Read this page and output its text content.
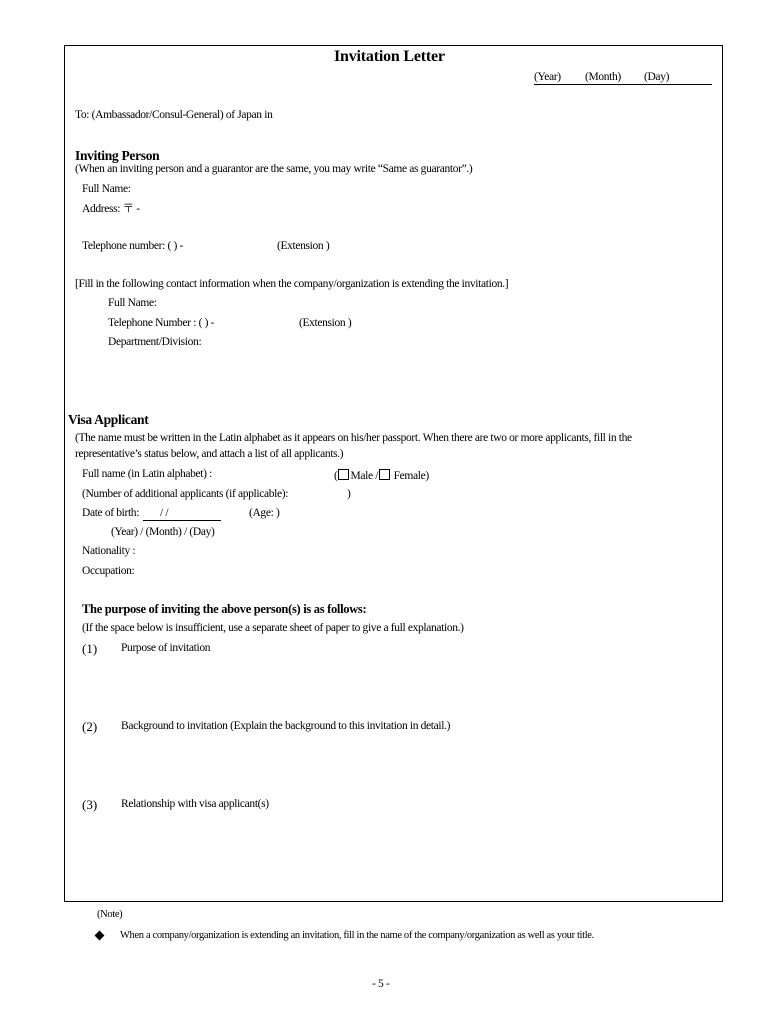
Invitation Letter
(Year) (Month) (Day)
To: (Ambassador/Consul-General) of Japan in
Inviting Person
(When an inviting person and a guarantor are the same, you may write “Same as guarantor”.)
Full Name:
Address: 〒 -
Telephone number: ( ) -	(Extension )
[Fill in the following contact information when the company/organization is extending the invitation.]
Full Name:
Telephone Number : ( ) -	(Extension )
Department/Division:
Visa Applicant
(The name must be written in the Latin alphabet as it appears on his/her passport. When there are two or more applicants, fill in the
representative’s status below, and attach a list of all applicants.)
Full name (in Latin alphabet) :	( Male / Female)
(Number of additional applicants (if applicable):	)
Date of birth: / /	(Age: )
(Year) / (Month) / (Day)
Nationality :
Occupation:
The purpose of inviting the above person(s) is as follows:
(If the space below is insufficient, use a separate sheet of paper to give a full explanation.)
(1) Purpose of invitation
(2) Background to invitation (Explain the background to this invitation in detail.)
(3) Relationship with visa applicant(s)
(Note)
When a company/organization is extending an invitation, fill in the name of the company/organization as well as your title.
- 5 -
